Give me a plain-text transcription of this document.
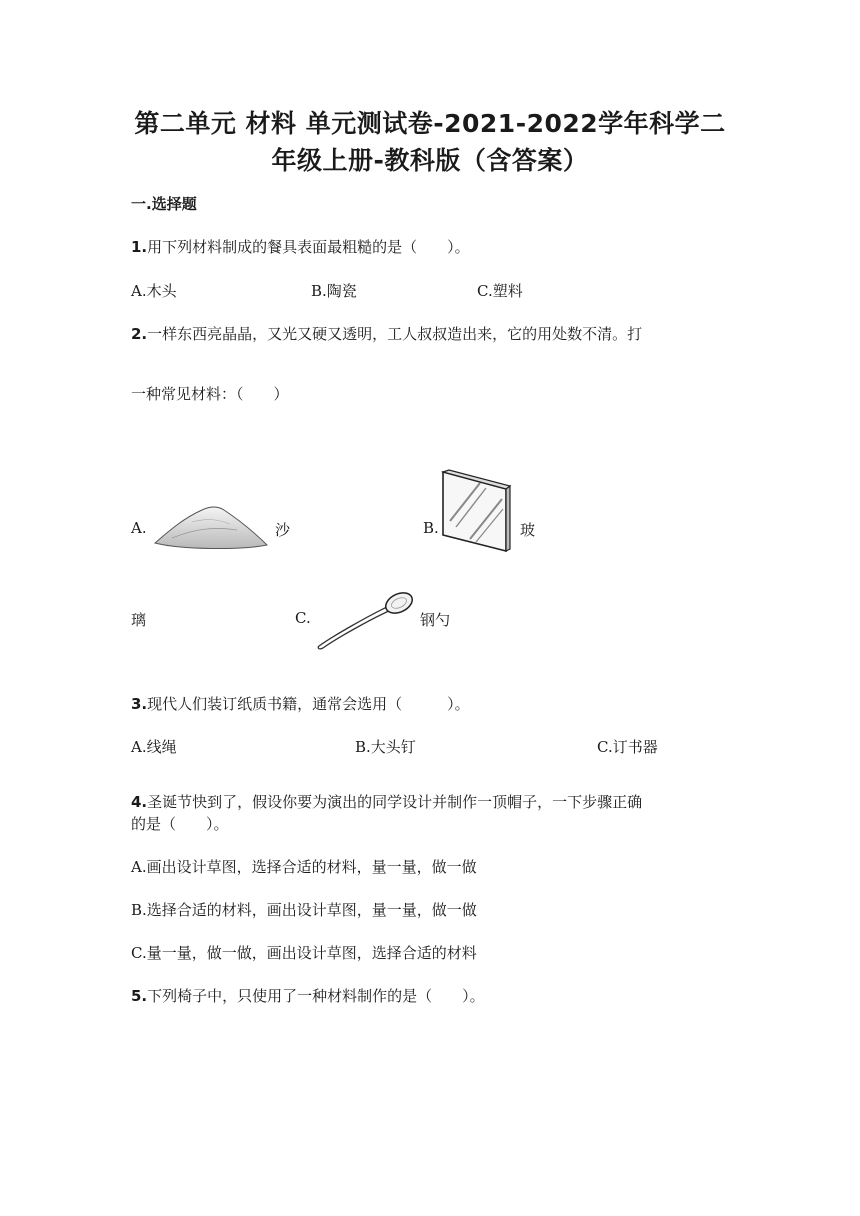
第二单元 材料 单元测试卷-2021-2022学年科学二
年级上册-教科版（含答案）
一.选择题
1.用下列材料制成的餐具表面最粗糙的是（　　）。
A.木头	B.陶瓷	C.塑料
2.一样东西亮晶晶，又光又硬又透明，工人叔叔造出来，它的用处数不清。打
一种常见材料：（　　）
A.	沙	B.	玻
璃	C.	钢勺
3.现代人们装订纸质书籍，通常会选用（　　　）。
A.线绳	B.大头钉	C.订书器
4.圣诞节快到了，假设你要为演出的同学设计并制作一顶帽子，一下步骤正确
的是（　　）。
A.画出设计草图，选择合适的材料，量一量，做一做
B.选择合适的材料，画出设计草图，量一量，做一做
C.量一量，做一做，画出设计草图，选择合适的材料
5.下列椅子中，只使用了一种材料制作的是（　　）。
